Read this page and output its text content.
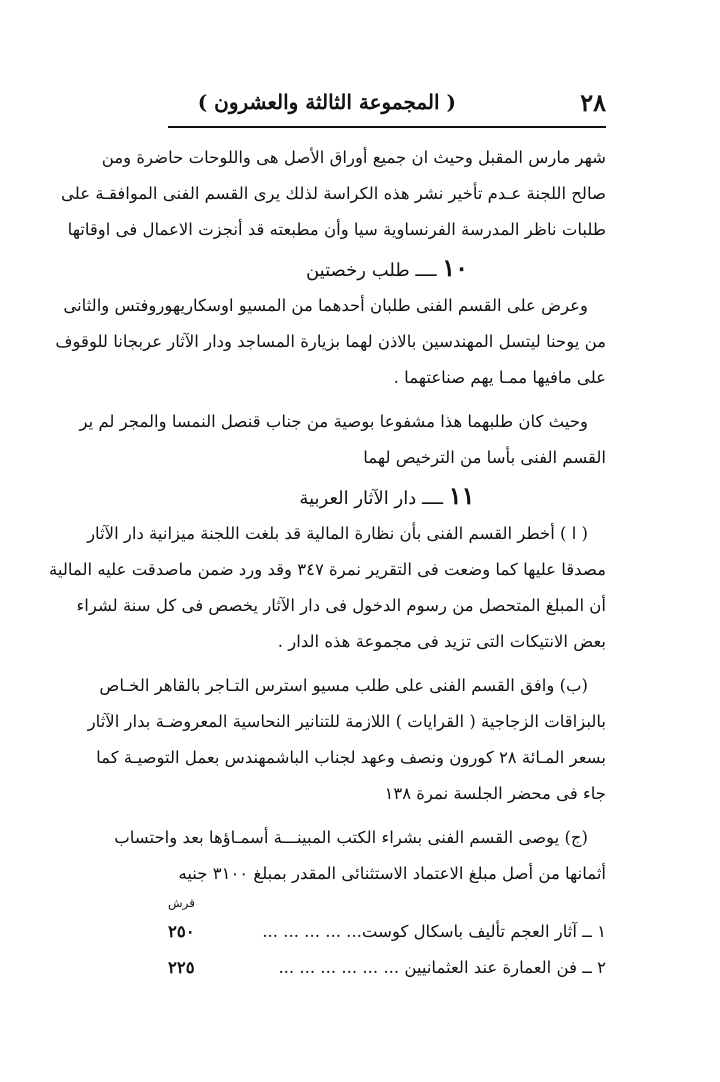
٢٨
( المجموعة الثالثة والعشرون )
شهر مارس المقبل وحيث ان جميع أوراق الأصل هى واللوحات حاضرة ومن
صالح اللجنة عـدم تأخير نشر هذه الكراسة لذلك يرى القسم الفنى الموافقـة على
طلبات ناظر المدرسة الفرنساوية سيا وأن مطبعته قد أنجزت الاعمال فى اوقاتها
١٠ ــــ طلب رخصتين
وعرض على القسم الفنى طلبان أحدهما من المسيو اوسكاريهوروفتس والثانى
من يوحنا ليتسل المهندسين بالاذن لهما بزيارة المساجد ودار الآثار عربجانا للوقوف
على مافيها ممـا يهم صناعتهما .
وحيث كان طلبهما هذا مشفوعا بوصية من جناب قنصل النمسا والمجر لم ير
القسم الفنى بأسا من الترخيص لهما
١١ ــــ دار الآثار العربية
( ا ) أخطر القسم الفنى بأن نظارة المالية قد بلغت اللجنة ميزانية دار الآثار
مصدقا عليها كما وضعت فى التقرير نمرة ٣٤٧ وقد ورد ضمن ماصدقت عليه المالية
أن المبلغ المتحصل من رسوم الدخول فى دار الآثار يخصص فى كل سنة لشراء
بعض الانتيكات التى تزيد فى مجموعة هذه الدار .
(ب) وافق القسم الفنى على طلب مسيو استرس التـاجر بالقاهر الخـاص
بالبزاقات الزجاجية ( القرايات ) اللازمة للتنانير النحاسية المعروضـة بدار الآثار
بسعر المـائة ٢٨ كورون ونصف وعهد لجناب الباشمهندس بعمل التوصيـة كما
جاء فى محضر الجلسة نمرة ١٣٨
(ج) يوصى القسم الفنى بشراء الكتب المبينـــة أسمـاؤها بعد واحتساب
أثمانها من أصل مبلغ الاعتماد الاستثنائى المقدر بمبلغ ٣١٠٠ جنيه
قرش
١ ــ آثار العجم تأليف باسكال كوست... ... ... ... ...
٢٥٠
٢ ــ فن العمارة عند العثمانيين ... ... ... ... ... ...
٢٢٥
